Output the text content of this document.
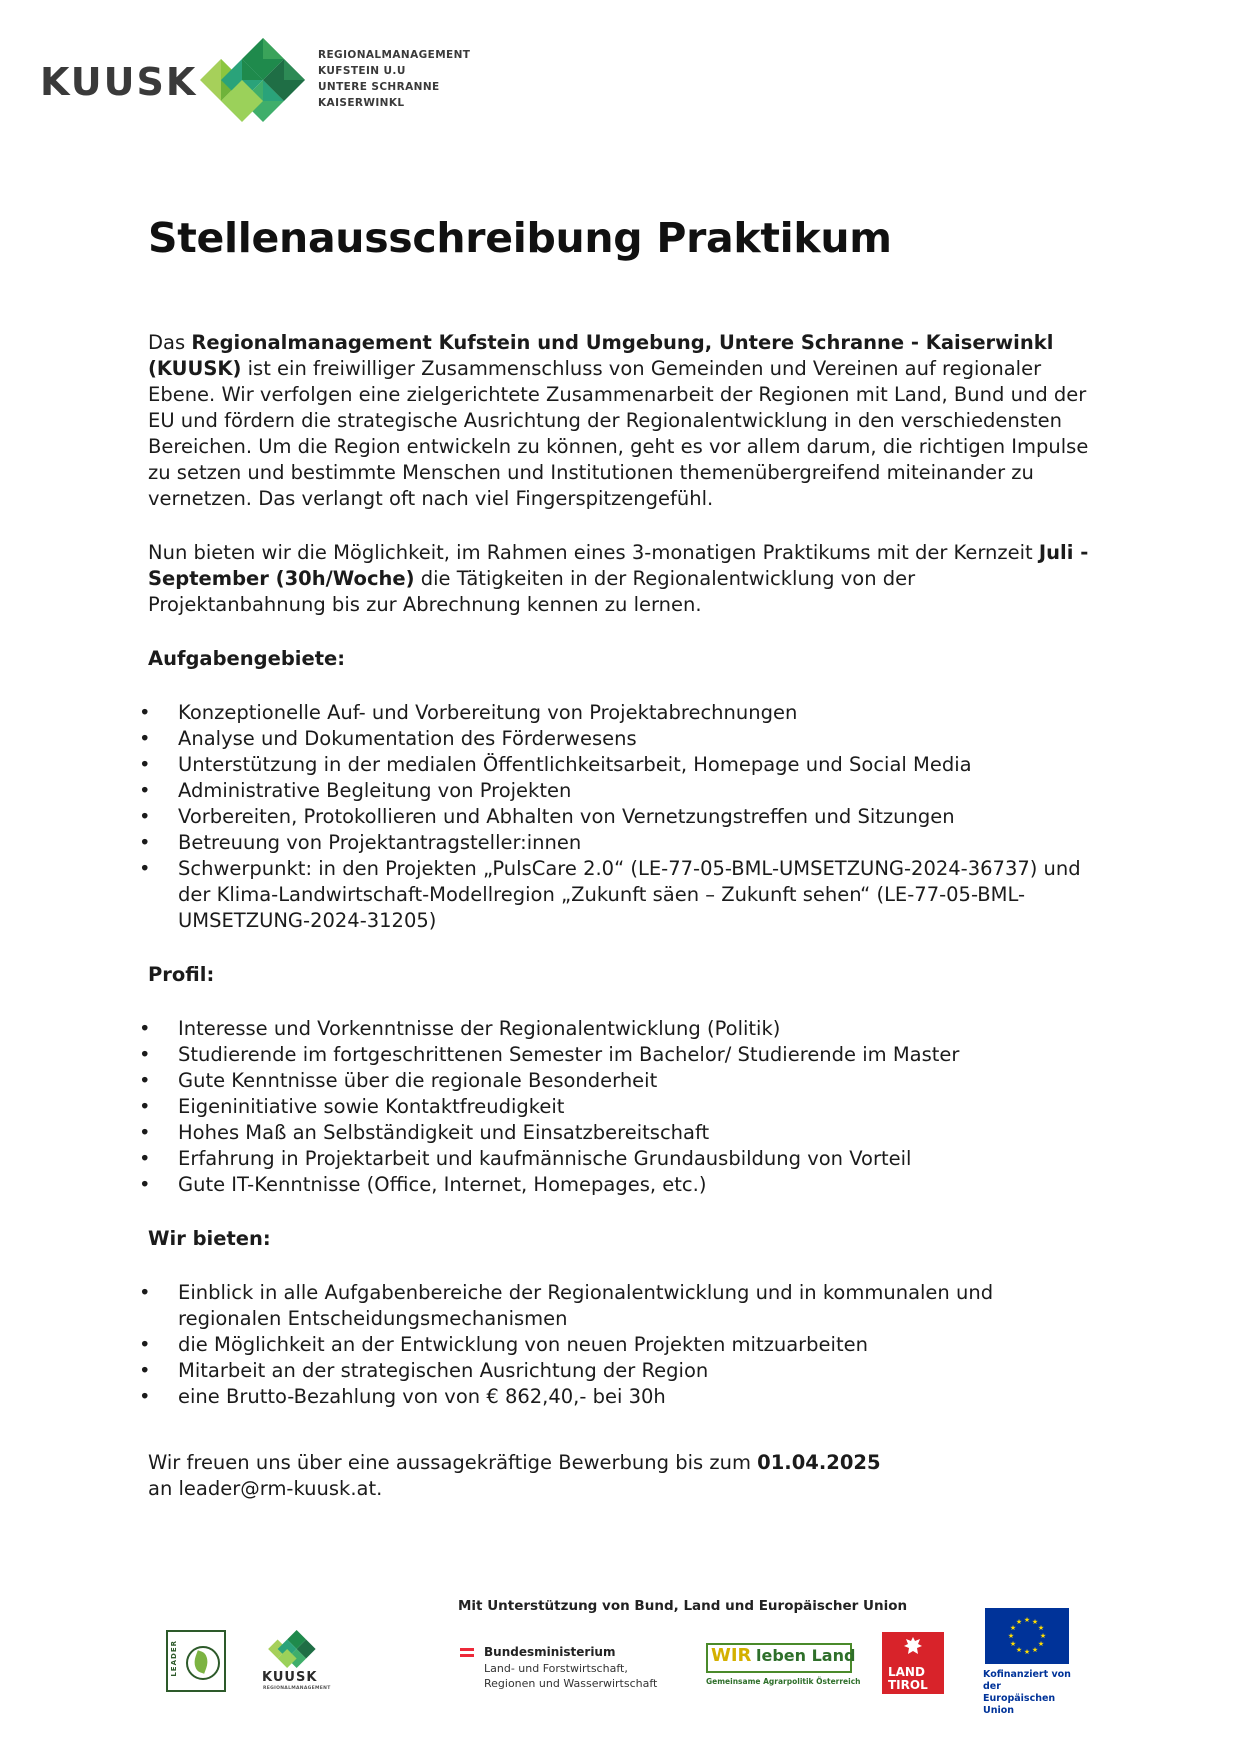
KUUSK
REGIONALMANAGEMENT
KUFSTEIN U.U
UNTERE SCHRANNE
KAISERWINKL
Stellenausschreibung Praktikum

Das Regionalmanagement Kufstein und Umgebung, Untere Schranne - Kaiserwinkl (KUUSK) ist ein freiwilliger Zusammenschluss von Gemeinden und Vereinen auf regionaler Ebene. Wir verfolgen eine zielgerichtete Zusammenarbeit der Regionen mit Land, Bund und der EU und fördern die strategische Ausrichtung der Regionalentwicklung in den verschiedensten Bereichen. Um die Region entwickeln zu können, geht es vor allem darum, die richtigen Impulse zu setzen und bestimmte Menschen und Institutionen themenübergreifend miteinander zu vernetzen. Das verlangt oft nach viel Fingerspitzengefühl.

Nun bieten wir die Möglichkeit, im Rahmen eines 3-monatigen Praktikums mit der Kernzeit Juli - September (30h/Woche) die Tätigkeiten in der Regionalentwicklung von der Projektanbahnung bis zur Abrechnung kennen zu lernen.

Aufgabengebiete:

• Konzeptionelle Auf- und Vorbereitung von Projektabrechnungen
• Analyse und Dokumentation des Förderwesens
• Unterstützung in der medialen Öffentlichkeitsarbeit, Homepage und Social Media
• Administrative Begleitung von Projekten
• Vorbereiten, Protokollieren und Abhalten von Vernetzungstreffen und Sitzungen
• Betreuung von Projektantragsteller:innen
• Schwerpunkt: in den Projekten „PulsCare 2.0“ (LE-77-05-BML-UMSETZUNG-2024-36737) und der Klima-Landwirtschaft-Modellregion „Zukunft säen – Zukunft sehen“ (LE-77-05-BML-UMSETZUNG-2024-31205)

Profil:

• Interesse und Vorkenntnisse der Regionalentwicklung (Politik)
• Studierende im fortgeschrittenen Semester im Bachelor/ Studierende im Master
• Gute Kenntnisse über die regionale Besonderheit
• Eigeninitiative sowie Kontaktfreudigkeit
• Hohes Maß an Selbständigkeit und Einsatzbereitschaft
• Erfahrung in Projektarbeit und kaufmännische Grundausbildung von Vorteil
• Gute IT-Kenntnisse (Office, Internet, Homepages, etc.)

Wir bieten:

• Einblick in alle Aufgabenbereiche der Regionalentwicklung und in kommunalen und regionalen Entscheidungsmechanismen
• die Möglichkeit an der Entwicklung von neuen Projekten mitzuarbeiten
• Mitarbeit an der strategischen Ausrichtung der Region
• eine Brutto-Bezahlung von von € 862,40,- bei 30h

Wir freuen uns über eine aussagekräftige Bewerbung bis zum 01.04.2025
an leader@rm-kuusk.at.

Mit Unterstützung von Bund, Land und Europäischer Union
LEADER
KUUSK
REGIONALMANAGEMENT
Bundesministerium
Land- und Forstwirtschaft,
Regionen und Wasserwirtschaft
WIR leben Land
Gemeinsame Agrarpolitik Österreich
LAND
TIROL
★ ★
★
★
★
★
★
★
★
★
★
★
Kofinanziert von der
Europäischen Union
